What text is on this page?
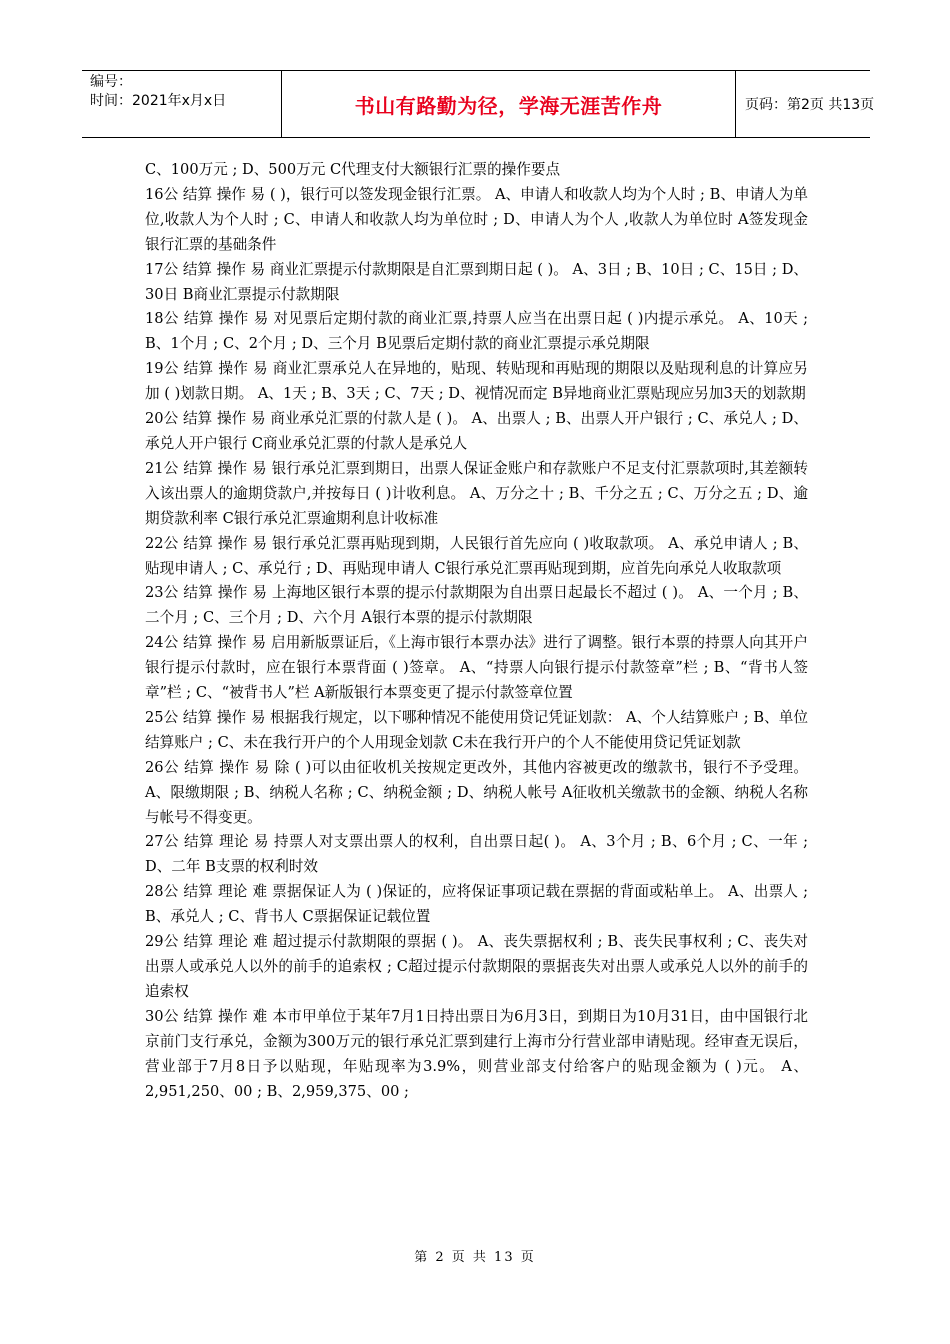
编号：
时间：2021年x月x日	书山有路勤为径，学海无涯苦作舟	页码：第2页 共13页

C、100万元 ; D、500万元 C代理支付大额银行汇票的操作要点

16公 结算 操作 易 ( )，银行可以签发现金银行汇票。 A、申请人和收款人均为个人时 ; B、申请人为单位,收款人为个人时 ; C、申请人和收款人均为单位时 ; D、申请人为个人 ,收款人为单位时 A签发现金银行汇票的基础条件

17公 结算 操作 易 商业汇票提示付款期限是自汇票到期日起 ( )。 A、3日 ; B、10日 ; C、15日 ; D、30日 B商业汇票提示付款期限

18公 结算 操作 易 对见票后定期付款的商业汇票,持票人应当在出票日起 ( )内提示承兑。 A、10天 ; B、1个月 ; C、2个月 ; D、三个月 B见票后定期付款的商业汇票提示承兑期限

19公 结算 操作 易 商业汇票承兑人在异地的，贴现、转贴现和再贴现的期限以及贴现利息的计算应另加 ( )划款日期。 A、1天 ; B、3天 ; C、7天 ; D、视情况而定 B异地商业汇票贴现应另加3天的划款期

20公 结算 操作 易 商业承兑汇票的付款人是 ( )。 A、出票人 ; B、出票人开户银行 ; C、承兑人 ; D、承兑人开户银行 C商业承兑汇票的付款人是承兑人

21公 结算 操作 易 银行承兑汇票到期日，出票人保证金账户和存款账户不足支付汇票款项时,其差额转入该出票人的逾期贷款户,并按每日 ( )计收利息。 A、万分之十 ; B、千分之五 ; C、万分之五 ; D、逾期贷款利率 C银行承兑汇票逾期利息计收标准

22公 结算 操作 易 银行承兑汇票再贴现到期，人民银行首先应向 ( )收取款项。 A、承兑申请人 ; B、贴现申请人 ; C、承兑行 ; D、再贴现申请人 C银行承兑汇票再贴现到期，应首先向承兑人收取款项

23公 结算 操作 易 上海地区银行本票的提示付款期限为自出票日起最长不超过 ( )。 A、一个月 ; B、二个月 ; C、三个月 ; D、六个月 A银行本票的提示付款期限

24公 结算 操作 易 启用新版票证后，《上海市银行本票办法》进行了调整。银行本票的持票人向其开户银行提示付款时，应在银行本票背面 ( )签章。 A、“持票人向银行提示付款签章”栏 ; B、“背书人签章”栏 ; C、“被背书人”栏 A新版银行本票变更了提示付款签章位置

25公 结算 操作 易 根据我行规定，以下哪种情况不能使用贷记凭证划款： A、个人结算账户 ; B、单位结算账户 ; C、未在我行开户的个人用现金划款 C未在我行开户的个人不能使用贷记凭证划款

26公 结算 操作 易 除 ( )可以由征收机关按规定更改外，其他内容被更改的缴款书，银行不予受理。 A、限缴期限 ; B、纳税人名称 ; C、纳税金额 ; D、纳税人帐号 A征收机关缴款书的金额、纳税人名称与帐号不得变更。

27公 结算 理论 易 持票人对支票出票人的权利，自出票日起( )。 A、3个月 ; B、6个月 ; C、一年 ; D、二年 B支票的权利时效

28公 结算 理论 难 票据保证人为 ( )保证的，应将保证事项记载在票据的背面或粘单上。 A、出票人 ; B、承兑人 ; C、背书人 C票据保证记载位置

29公 结算 理论 难 超过提示付款期限的票据 ( )。 A、丧失票据权利 ; B、丧失民事权利 ; C、丧失对出票人或承兑人以外的前手的追索权 ; C超过提示付款期限的票据丧失对出票人或承兑人以外的前手的追索权

30公 结算 操作 难 本市甲单位于某年7月1日持出票日为6月3日，到期日为10月31日，由中国银行北京前门支行承兑，金额为300万元的银行承兑汇票到建行上海市分行营业部申请贴现。经审查无误后，营业部于7月8日予以贴现，年贴现率为3.9%，则营业部支付给客户的贴现金额为 ( )元。 A、2,951,250、00 ; B、2,959,375、00 ;

第 2 页 共 13 页
